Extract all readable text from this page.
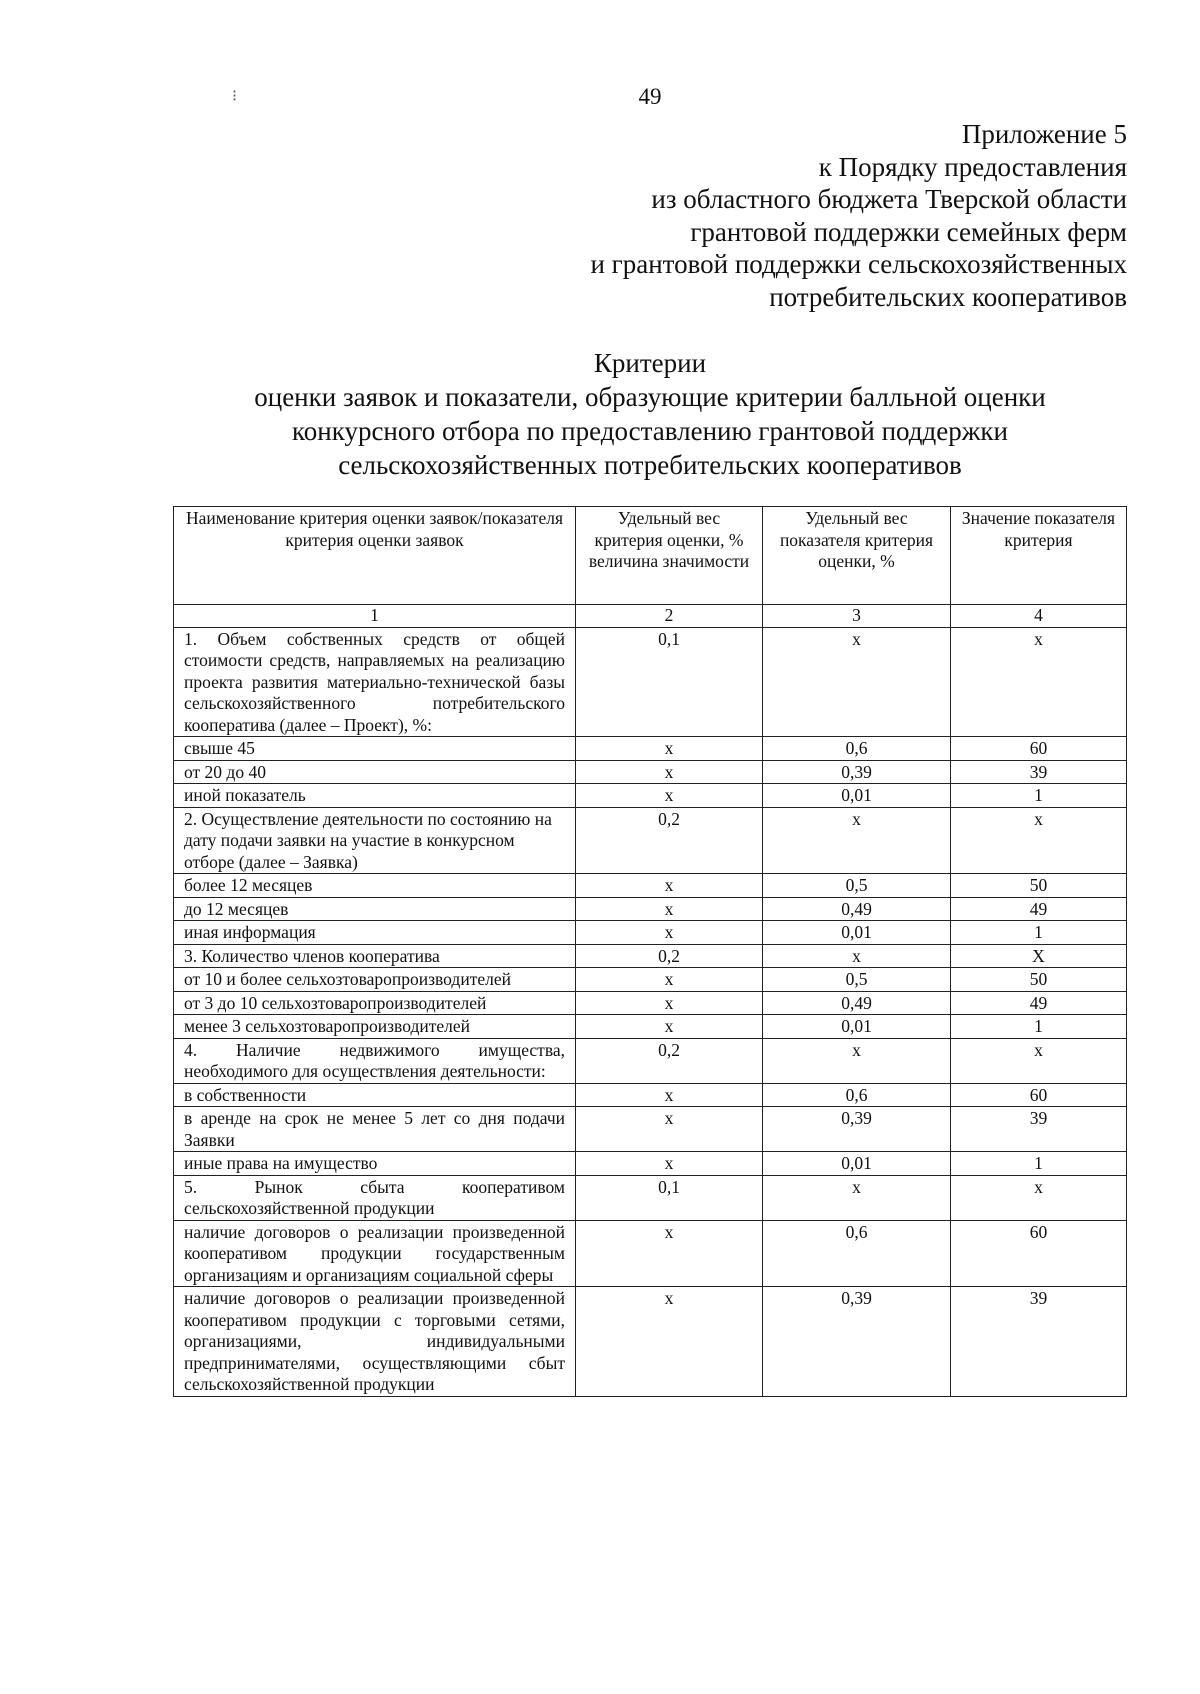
49
⁝
Приложение 5
к Порядку предоставления
из областного бюджета Тверской области
грантовой поддержки семейных ферм
и грантовой поддержки сельскохозяйственных
потребительских кооперативов
Критерии
оценки заявок и показатели, образующие критерии балльной оценки
конкурсного отбора по предоставлению грантовой поддержки
сельскохозяйственных потребительских кооперативов
Наименование критерия оценки заявок/показателя критерия оценки заявок	Удельный вес критерия оценки, % величина значимости	Удельный вес показателя критерия оценки, %	Значение показателя критерия
1	2	3	4
1. Объем собственных средств от общей стоимости средств, направляемых на реализацию проекта развития материально-технической базы сельскохозяйственного потребительского кооператива (далее – Проект), %:	0,1	x	x
свыше 45	x	0,6	60
от 20 до 40	x	0,39	39
иной показатель	x	0,01	1
2. Осуществление деятельности по состоянию на дату подачи заявки на участие в конкурсном отборе (далее – Заявка)	0,2	x	x
более 12 месяцев	x	0,5	50
до 12 месяцев	x	0,49	49
иная информация	x	0,01	1
3. Количество членов кооператива	0,2	x	X
от 10 и более сельхозтоваропроизводителей	x	0,5	50
от 3 до 10 сельхозтоваропроизводителей	x	0,49	49
менее 3 сельхозтоваропроизводителей	x	0,01	1
4. Наличие недвижимого имущества, необходимого для осуществления деятельности:	0,2	x	x
в собственности	x	0,6	60
в аренде на срок не менее 5 лет со дня подачи Заявки	x	0,39	39
иные права на имущество	x	0,01	1
5. Рынок сбыта кооперативом сельскохозяйственной продукции	0,1	x	x
наличие договоров о реализации произведенной кооперативом продукции государственным организациям и организациям социальной сферы	x	0,6	60
наличие договоров о реализации произведенной кооперативом продукции с торговыми сетями, организациями, индивидуальными предпринимателями, осуществляющими сбыт сельскохозяйственной продукции	x	0,39	39
